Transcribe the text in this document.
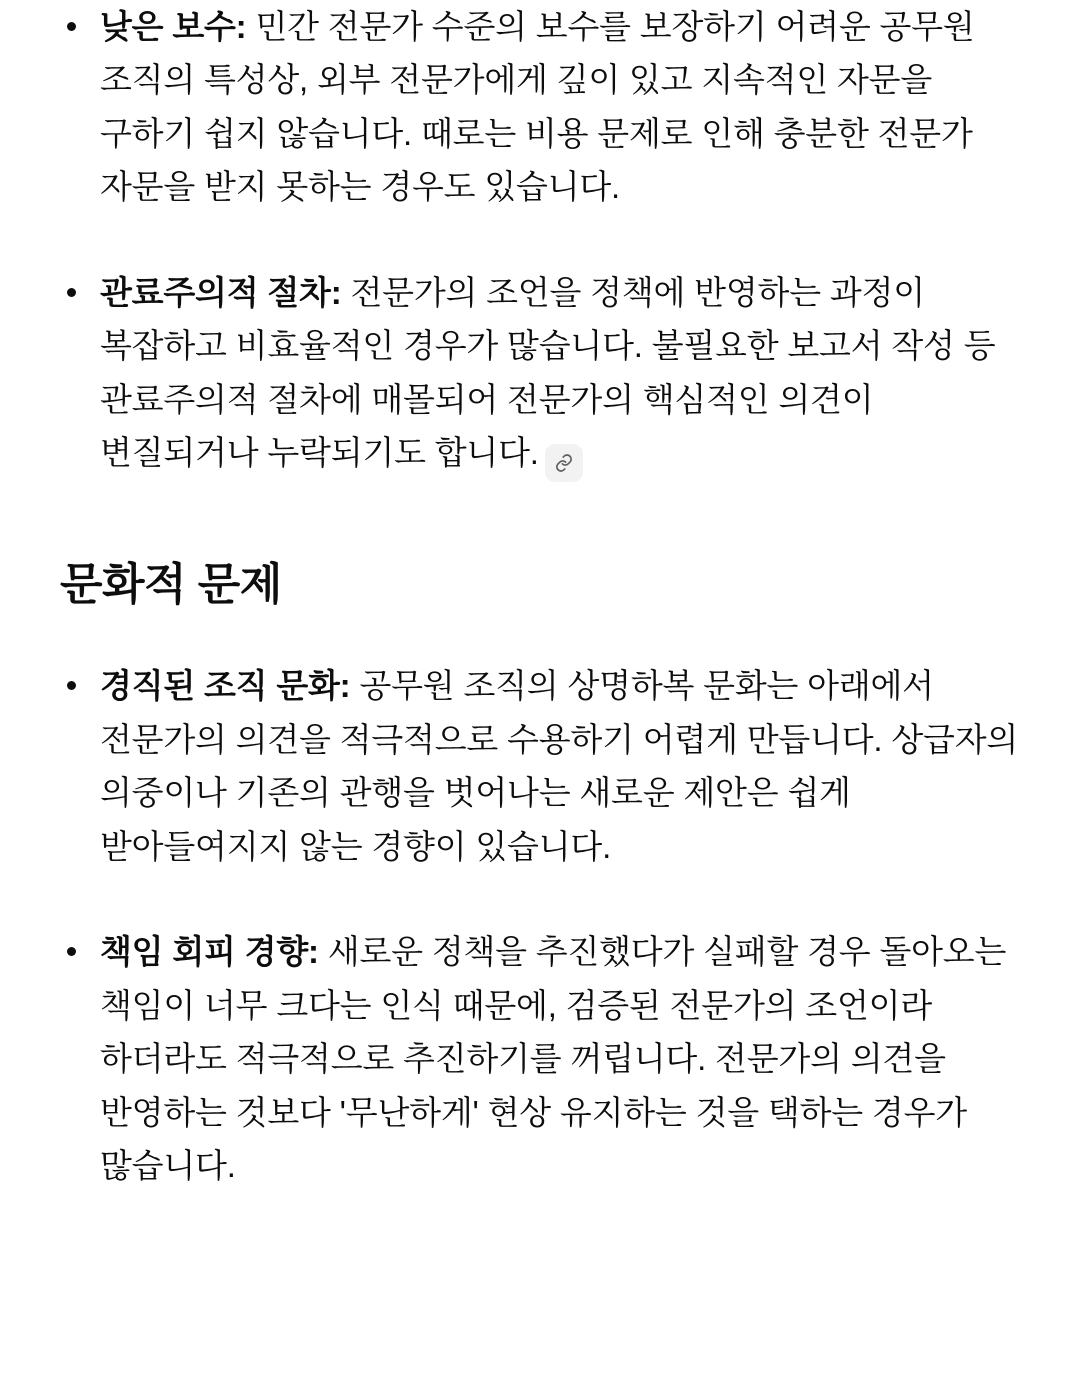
낮은 보수: 민간 전문가 수준의 보수를 보장하기 어려운 공무원 조직의 특성상, 외부 전문가에게 깊이 있고 지속적인 자문을 구하기 쉽지 않습니다. 때로는 비용 문제로 인해 충분한 전문가 자문을 받지 못하는 경우도 있습니다.
관료주의적 절차: 전문가의 조언을 정책에 반영하는 과정이 복잡하고 비효율적인 경우가 많습니다. 불필요한 보고서 작성 등 관료주의적 절차에 매몰되어 전문가의 핵심적인 의견이 변질되거나 누락되기도 합니다.
문화적 문제
경직된 조직 문화: 공무원 조직의 상명하복 문화는 아래에서 전문가의 의견을 적극적으로 수용하기 어렵게 만듭니다. 상급자의 의중이나 기존의 관행을 벗어나는 새로운 제안은 쉽게 받아들여지지 않는 경향이 있습니다.
책임 회피 경향: 새로운 정책을 추진했다가 실패할 경우 돌아오는 책임이 너무 크다는 인식 때문에, 검증된 전문가의 조언이라 하더라도 적극적으로 추진하기를 꺼립니다. 전문가의 의견을 반영하는 것보다 '무난하게' 현상 유지하는 것을 택하는 경우가 많습니다.
